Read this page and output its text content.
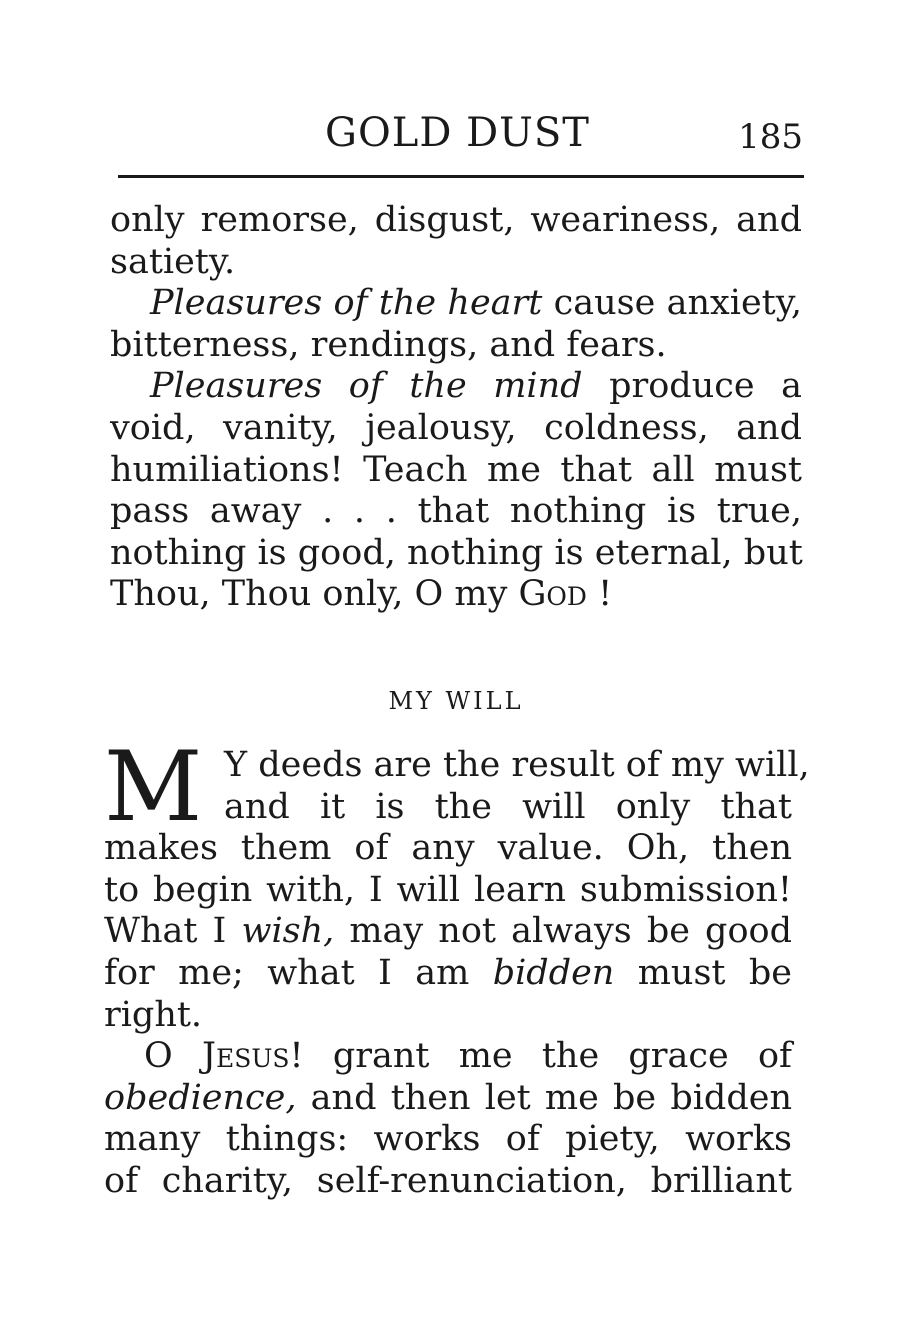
GOLD DUST	185
only remorse, disgust, weariness, and
satiety.
Pleasures of the heart cause anxiety,
bitterness, rendings, and fears.
Pleasures of the mind produce a
void, vanity, jealousy, coldness, and
humiliations! Teach me that all must
pass away . . . that nothing is true,
nothing is good, nothing is eternal, but
Thou, Thou only, O my God !
MY WILL
M Y deeds are the result of my will,
and it is the will only that
makes them of any value. Oh, then
to begin with, I will learn submission!
What I wish, may not always be good
for me; what I am bidden must be
right.
O Jesus! grant me the grace of
obedience, and then let me be bidden
many things: works of piety, works
of charity, self-renunciation, brilliant
